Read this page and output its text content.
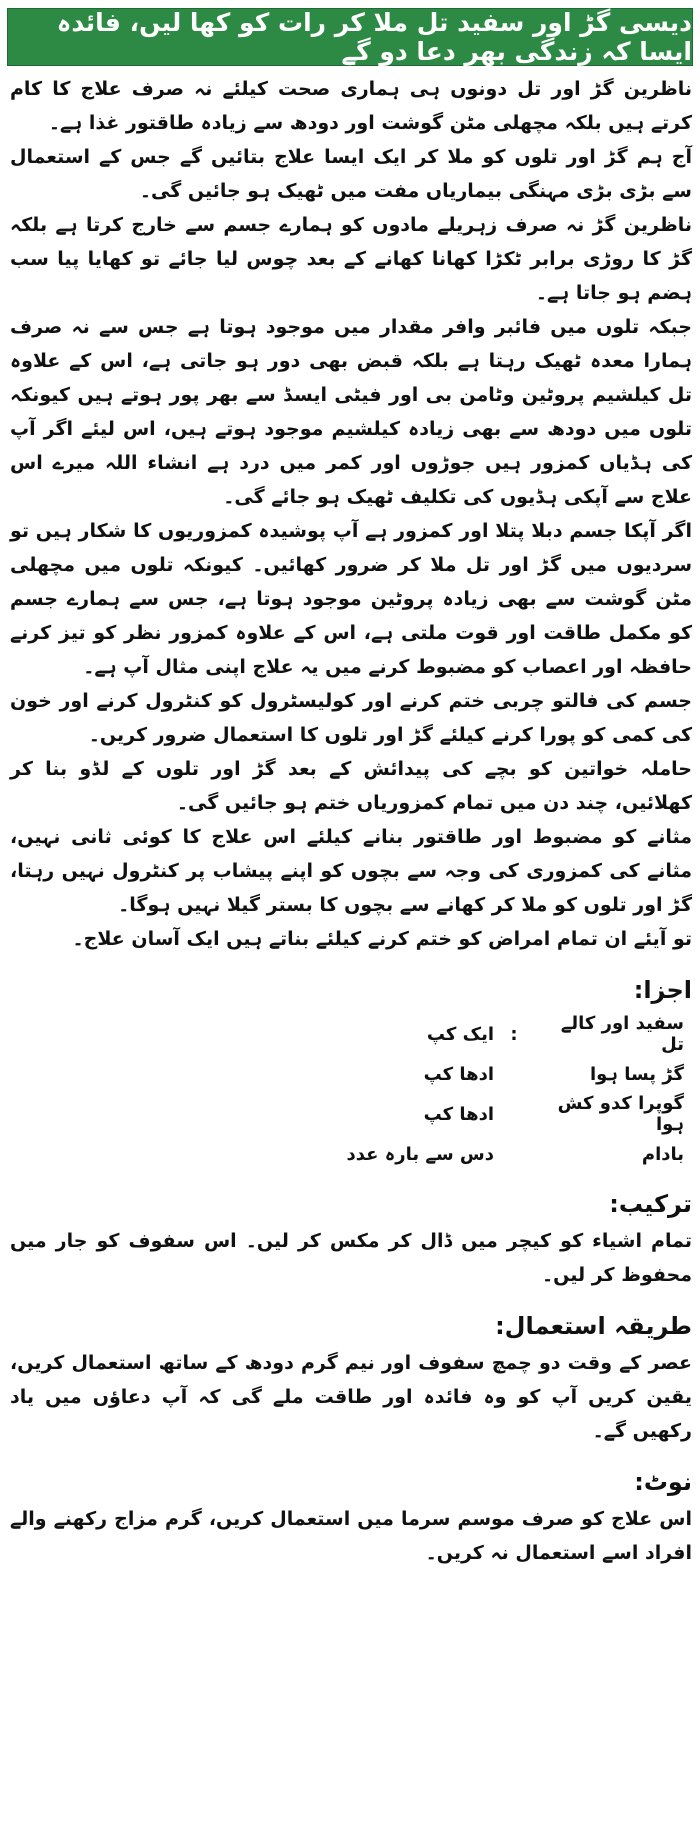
دیسی گڑ اور سفید تل ملا کر رات کو کھا لیں، فائدہ ایسا کہ زندگی بھر دعا دو گے

ناظرین گڑ اور تل دونوں ہی ہماری صحت کیلئے نہ صرف علاج کا کام کرتے ہیں بلکہ مچھلی مٹن گوشت اور دودھ سے زیادہ طاقتور غذا ہے۔

آج ہم گڑ اور تلوں کو ملا کر ایک ایسا علاج بتائیں گے جس کے استعمال سے بڑی بڑی مہنگی بیماریاں مفت میں ٹھیک ہو جائیں گی۔

ناظرین گڑ نہ صرف زہریلے مادوں کو ہمارے جسم سے خارج کرتا ہے بلکہ گڑ کا روڑی برابر ٹکڑا کھانا کھانے کے بعد چوس لیا جائے تو کھایا پیا سب ہضم ہو جاتا ہے۔

جبکہ تلوں میں فائبر وافر مقدار میں موجود ہوتا ہے جس سے نہ صرف ہمارا معدہ ٹھیک رہتا ہے بلکہ قبض بھی دور ہو جاتی ہے، اس کے علاوہ تل کیلشیم پروٹین وٹامن بی اور فیٹی ایسڈ سے بھر پور ہوتے ہیں کیونکہ تلوں میں دودھ سے بھی زیادہ کیلشیم موجود ہوتے ہیں، اس لیئے اگر آپ کی ہڈیاں کمزور ہیں جوڑوں اور کمر میں درد ہے انشاء اللہ میرے اس علاج سے آپکی ہڈیوں کی تکلیف ٹھیک ہو جائے گی۔

اگر آپکا جسم دبلا پتلا اور کمزور ہے آپ پوشیدہ کمزوریوں کا شکار ہیں تو سردیوں میں گڑ اور تل ملا کر ضرور کھائیں۔ کیونکہ تلوں میں مچھلی مٹن گوشت سے بھی زیادہ پروٹین موجود ہوتا ہے، جس سے ہمارے جسم کو مکمل طاقت اور قوت ملتی ہے، اس کے علاوہ کمزور نظر کو تیز کرنے حافظہ اور اعصاب کو مضبوط کرنے میں یہ علاج اپنی مثال آپ ہے۔

جسم کی فالتو چربی ختم کرنے اور کولیسٹرول کو کنٹرول کرنے اور خون کی کمی کو پورا کرنے کیلئے گڑ اور تلوں کا استعمال ضرور کریں۔

حاملہ خواتین کو بچے کی پیدائش کے بعد گڑ اور تلوں کے لڈو بنا کر کھلائیں، چند دن میں تمام کمزوریاں ختم ہو جائیں گی۔

مثانے کو مضبوط اور طاقتور بنانے کیلئے اس علاج کا کوئی ثانی نہیں، مثانے کی کمزوری کی وجہ سے بچوں کو اپنے پیشاب پر کنٹرول نہیں رہتا، گڑ اور تلوں کو ملا کر کھانے سے بچوں کا بستر گیلا نہیں ہوگا۔

تو آیئے ان تمام امراض کو ختم کرنے کیلئے بناتے ہیں ایک آسان علاج۔

اجزا:
سفید اور کالے تل
:
ایک کپ
گڑ پسا ہوا
ادھا کپ
گوپرا کدو کش ہوا
ادھا کپ
بادام
دس سے بارہ عدد
ترکیب:

تمام اشیاء کو کیچر میں ڈال کر مکس کر لیں۔ اس سفوف کو جار میں محفوظ کر لیں۔

طریقہ استعمال:

عصر کے وقت دو چمچ سفوف اور نیم گرم دودھ کے ساتھ استعمال کریں، یقین کریں آپ کو وہ فائدہ اور طاقت ملے گی کہ آپ دعاؤں میں یاد رکھیں گے۔

نوٹ:

اس علاج کو صرف موسم سرما میں استعمال کریں، گرم مزاج رکھنے والے افراد اسے استعمال نہ کریں۔
